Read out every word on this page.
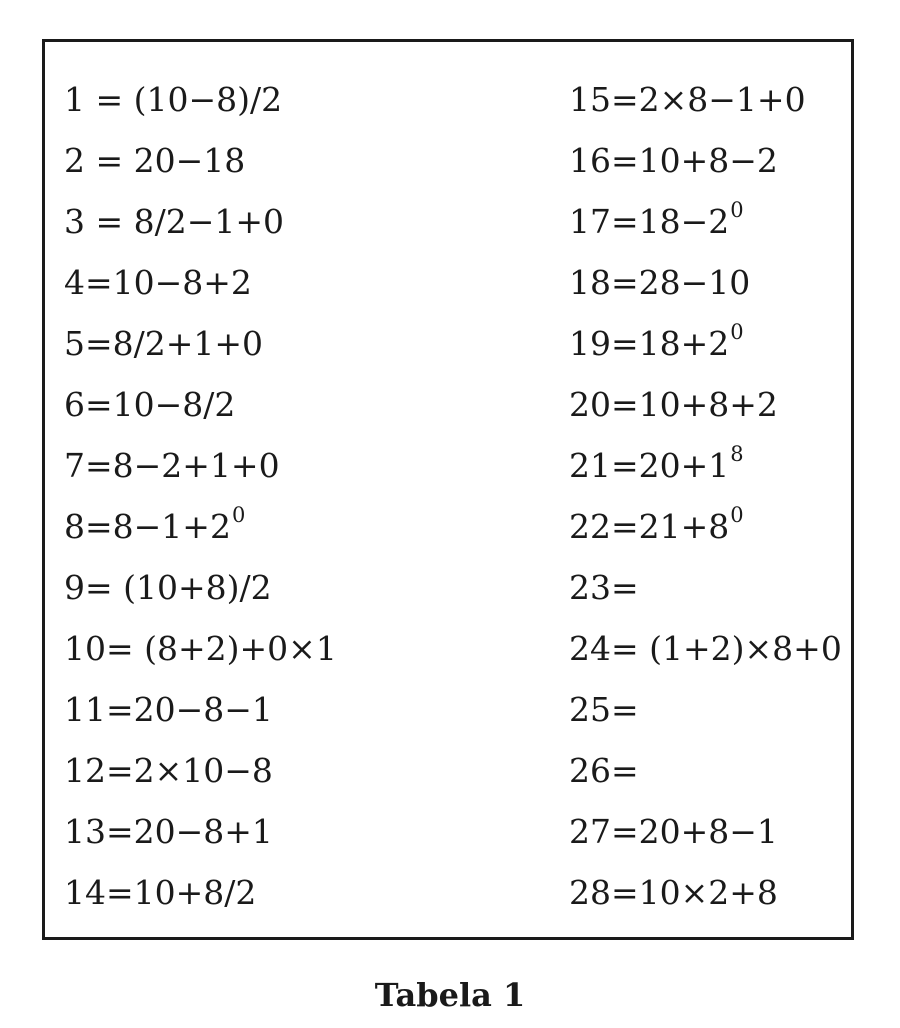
1 = (10−8)/2
2 = 20−18
3 = 8/2−1+0
4=10−8+2
5=8/2+1+0
6=10−8/2
7=8−2+1+0
$8=8-1+2^0$
9= (10+8)/2
10= (8+2)+0×1
11=20−8−1
12=2×10−8
13=20−8+1
14=10+8/2
15=2×8−1+0
16=10+8−2
$17=18-2^0$
18=28−10
$19=18+2^0$
20=10+8+2
$21=20+1^8$
$22=21+8^0$
23=
24= (1+2)×8+0
25=
26=
27=20+8−1
28=10×2+8
Tabela 1
